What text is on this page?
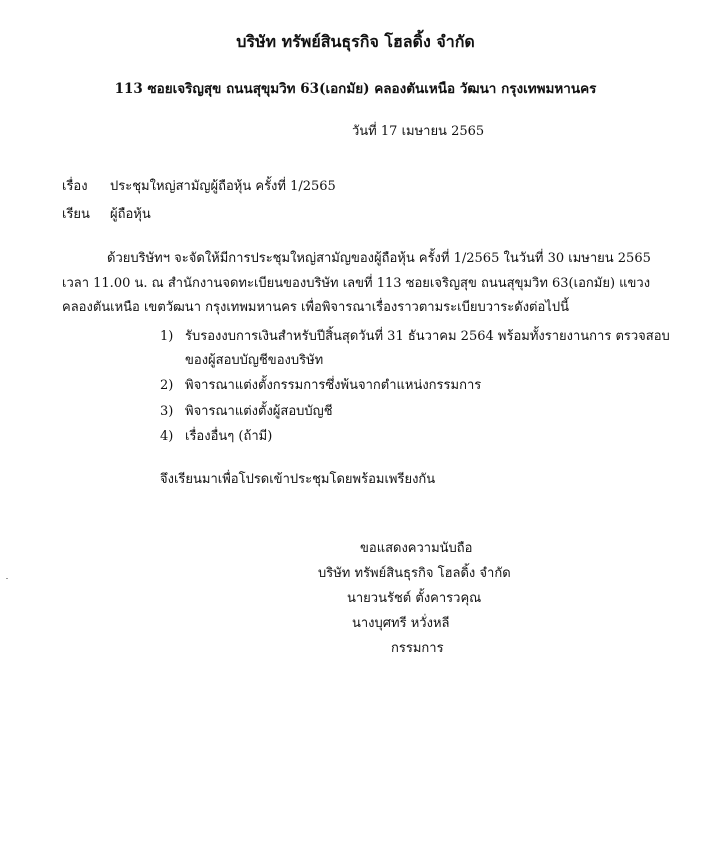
บริษัท ทรัพย์สินธุรกิจ โฮลดิ้ง จำกัด
113 ซอยเจริญสุข ถนนสุขุมวิท 63(เอกมัย) คลองตันเหนือ วัฒนา กรุงเทพมหานคร
วันที่ 17 เมษายน 2565
เรื่อง ประชุมใหญ่สามัญผู้ถือหุ้น ครั้งที่ 1/2565
เรียน ผู้ถือหุ้น
ด้วยบริษัทฯ จะจัดให้มีการประชุมใหญ่สามัญของผู้ถือหุ้น ครั้งที่ 1/2565 ในวันที่ 30 เมษายน 2565
เวลา 11.00 น. ณ สำนักงานจดทะเบียนของบริษัท เลขที่ 113 ซอยเจริญสุข ถนนสุขุมวิท 63(เอกมัย) แขวง
คลองตันเหนือ เขตวัฒนา กรุงเทพมหานคร เพื่อพิจารณาเรื่องราวตามระเบียบวาระดังต่อไปนี้
1) รับรองงบการเงินสำหรับปีสิ้นสุดวันที่ 31 ธันวาคม 2564 พร้อมทั้งรายงานการ ตรวจสอบ
ของผู้สอบบัญชีของบริษัท
2) พิจารณาแต่งตั้งกรรมการซึ่งพ้นจากตำแหน่งกรรมการ
3) พิจารณาแต่งตั้งผู้สอบบัญชี
4) เรื่องอื่นๆ (ถ้ามี)
จึงเรียนมาเพื่อโปรดเข้าประชุมโดยพร้อมเพรียงกัน
ขอแสดงความนับถือ
บริษัท ทรัพย์สินธุรกิจ โฮลดิ้ง จำกัด
นายวนรัชต์ ตั้งคารวคุณ
นางบุศทรี หวั่งหลี
กรรมการ
